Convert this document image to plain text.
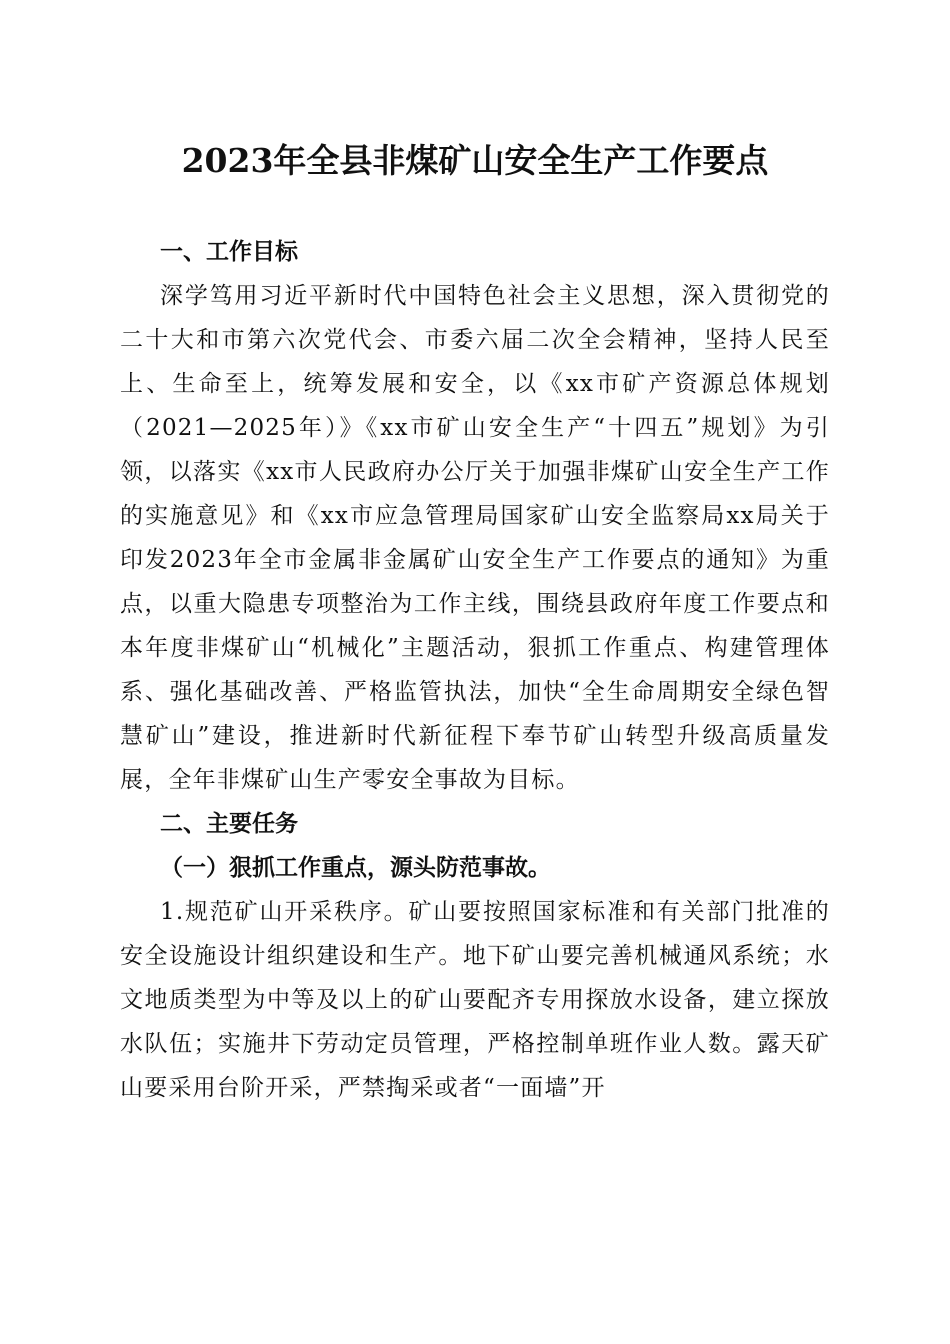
2023年全县非煤矿山安全生产工作要点

一、工作目标

深学笃用习近平新时代中国特色社会主义思想，深入贯彻党的二十大和市第六次党代会、市委六届二次全会精神，坚持人民至上、生命至上，统筹发展和安全，以《xx市矿产资源总体规划（2021—2025年）》《xx市矿山安全生产“十四五”规划》为引领，以落实《xx市人民政府办公厅关于加强非煤矿山安全生产工作的实施意见》和《xx市应急管理局国家矿山安全监察局xx局关于印发2023年全市金属非金属矿山安全生产工作要点的通知》为重点，以重大隐患专项整治为工作主线，围绕县政府年度工作要点和本年度非煤矿山“机械化”主题活动，狠抓工作重点、构建管理体系、强化基础改善、严格监管执法，加快“全生命周期安全绿色智慧矿山”建设，推进新时代新征程下奉节矿山转型升级高质量发展，全年非煤矿山生产零安全事故为目标。

二、主要任务

（一）狠抓工作重点，源头防范事故。

1.规范矿山开采秩序。矿山要按照国家标准和有关部门批准的安全设施设计组织建设和生产。地下矿山要完善机械通风系统；水文地质类型为中等及以上的矿山要配齐专用探放水设备，建立探放水队伍；实施井下劳动定员管理，严格控制单班作业人数。露天矿山要采用台阶开采，严禁掏采或者“一面墙”开
